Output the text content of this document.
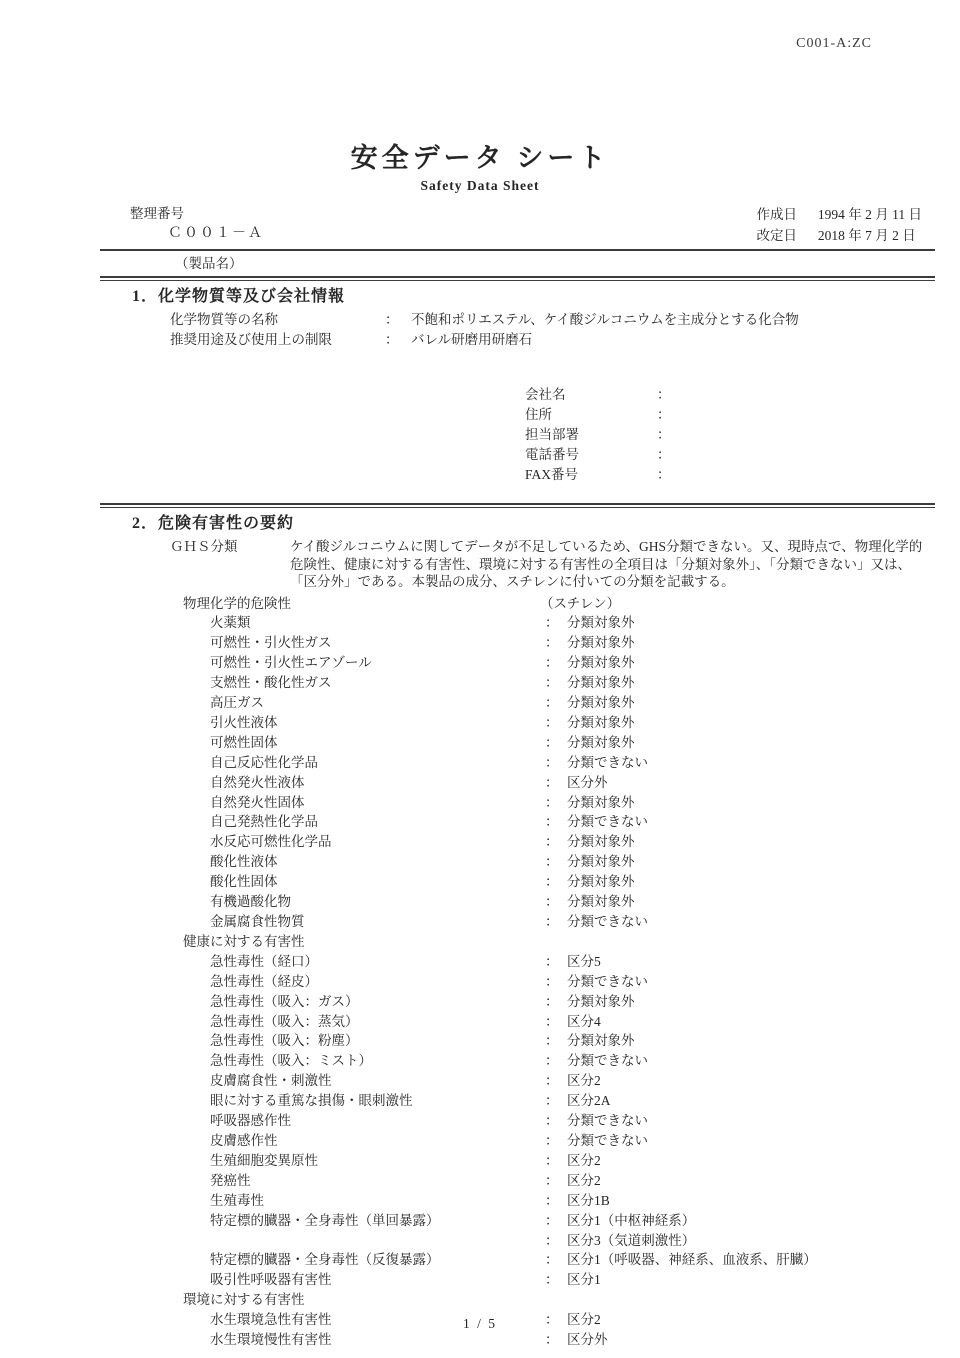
C001-A:ZC
安全データ シート
Safety Data Sheet
整理番号
Ｃ００１－Ａ
作成日 1994 年 2 月 11 日
改定日 2018 年 7 月 2 日
（製品名）
1．化学物質等及び会社情報
化学物質等の名称	： 不飽和ポリエステル、ケイ酸ジルコニウムを主成分とする化合物
推奨用途及び使用上の制限	： バレル研磨用研磨石
会社名	：
住所	：
担当部署	：
電話番号	：
FAX番号	：
2．危険有害性の要約
ＧＨＳ分類	ケイ酸ジルコニウムに関してデータが不足しているため、GHS分類できない。又、現時点で、物理化学的危険性、健康に対する有害性、環境に対する有害性の全項目は「分類対象外」、「分類できない」又は、「区分外」である。本製品の成分、スチレンに付いての分類を記載する。

物理化学的危険性	（スチレン）
火薬類	： 分類対象外
可燃性・引火性ガス	： 分類対象外
可燃性・引火性エアゾール	： 分類対象外
支燃性・酸化性ガス	： 分類対象外
高圧ガス	： 分類対象外
引火性液体	： 分類対象外
可燃性固体	： 分類対象外
自己反応性化学品	： 分類できない
自然発火性液体	： 区分外
自然発火性固体	： 分類対象外
自己発熱性化学品	： 分類できない
水反応可燃性化学品	： 分類対象外
酸化性液体	： 分類対象外
酸化性固体	： 分類対象外
有機過酸化物	： 分類対象外
金属腐食性物質	： 分類できない
健康に対する有害性
急性毒性（経口）	： 区分5
急性毒性（経皮）	： 分類できない
急性毒性（吸入：ガス）	： 分類対象外
急性毒性（吸入：蒸気）	： 区分4
急性毒性（吸入：粉塵）	： 分類対象外
急性毒性（吸入：ミスト）	： 分類できない
皮膚腐食性・刺激性	： 区分2
眼に対する重篤な損傷・眼刺激性	： 区分2A
呼吸器感作性	： 分類できない
皮膚感作性	： 分類できない
生殖細胞変異原性	： 区分2
発癌性	： 区分2
生殖毒性	： 区分1B
特定標的臓器・全身毒性（単回暴露）	： 区分1（中枢神経系）
： 区分3（気道刺激性）
特定標的臓器・全身毒性（反復暴露）	： 区分1（呼吸器、神経系、血液系、肝臓）
吸引性呼吸器有害性	： 区分1
環境に対する有害性
水生環境急性有害性	： 区分2
水生環境慢性有害性	： 区分外
1 / 5
